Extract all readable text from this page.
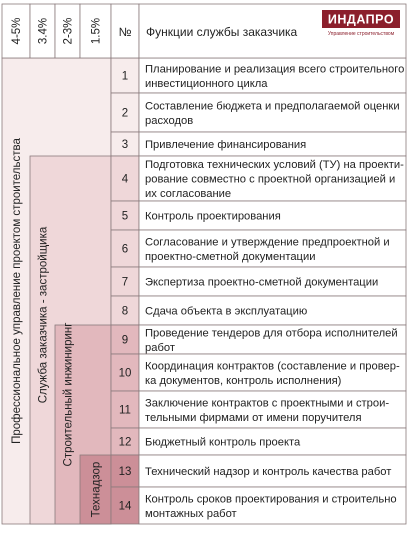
4-5% 3.4% 2-3% 1.5% № Функции службы заказчика
ИНДАПРО
Управление строительством
Профессиональное управление проектом строительства Служба заказчика - застройщика Строительный инжиниринг
Технадзор
1
Планирование и реализация всего строительного
инвестиционного цикла
2
Составление бюджета и предполагаемой оценки
расходов
3 Привлечение финансирования
4
Подготовка технических условий (ТУ) на проекти-
рование совместно с проектной организацией и
их согласование
5 Контроль проектирования
6
Согласование и утверждение предпроектной и
проектно-сметной документации
7 Экспертиза проектно-сметной документации
8 Сдача объекта в эксплуатацию
9
Проведение тендеров для отбора исполнителей
работ
10
Координация контрактов (составление и провер-
ка документов, контроль исполнения)
11
Заключение контрактов с проектными и строи-
тельными фирмами от имени поручителя
12 Бюджетный контроль проекта
13 Технический надзор и контроль качества работ
14
Контроль сроков проектирования и строительно
монтажных работ
